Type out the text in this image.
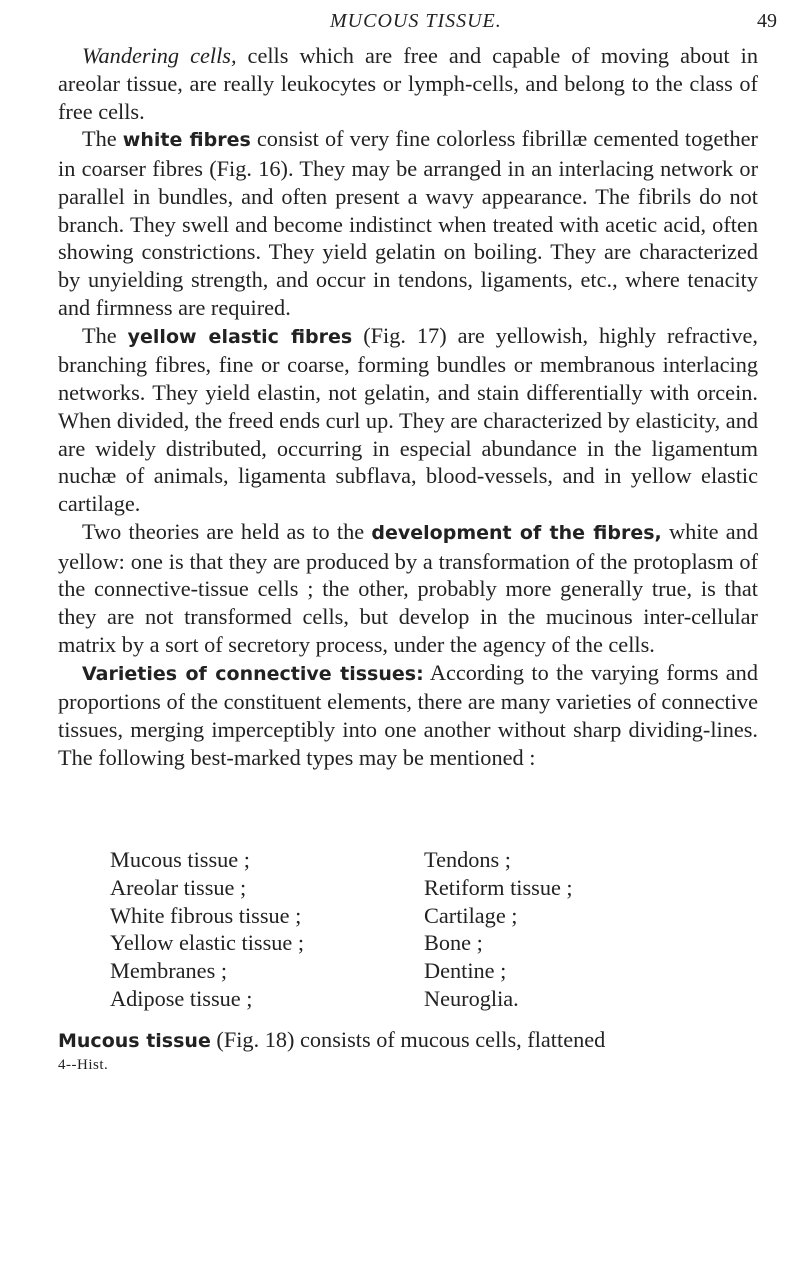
MUCOUS TISSUE.	49

Wandering cells, cells which are free and capable of moving about in areolar tissue, are really leukocytes or lymph-cells, and belong to the class of free cells.

The white fibres consist of very fine colorless fibrillæ cemented together in coarser fibres (Fig. 16). They may be arranged in an interlacing network or parallel in bundles, and often present a wavy appearance. The fibrils do not branch. They swell and become indistinct when treated with acetic acid, often showing constrictions. They yield gelatin on boiling. They are characterized by unyielding strength, and occur in tendons, ligaments, etc., where tenacity and firmness are required.

The yellow elastic fibres (Fig. 17) are yellowish, highly refractive, branching fibres, fine or coarse, forming bundles or membranous interlacing networks. They yield elastin, not gelatin, and stain differentially with orcein. When divided, the freed ends curl up. They are characterized by elasticity, and are widely distributed, occurring in especial abundance in the ligamentum nuchæ of animals, ligamenta subflava, blood-vessels, and in yellow elastic cartilage.

Two theories are held as to the development of the fibres, white and yellow: one is that they are produced by a transformation of the protoplasm of the connective-tissue cells ; the other, probably more generally true, is that they are not transformed cells, but develop in the mucinous inter-cellular matrix by a sort of secretory process, under the agency of the cells.

Varieties of connective tissues: According to the varying forms and proportions of the constituent elements, there are many varieties of connective tissues, merging imperceptibly into one another without sharp dividing-lines. The following best-marked types may be mentioned :

Mucous tissue ;
Areolar tissue ;
White fibrous tissue ;
Yellow elastic tissue ;
Membranes ;
Adipose tissue ;
Tendons ;
Retiform tissue ;
Cartilage ;
Bone ;
Dentine ;
Neuroglia.
Mucous tissue (Fig. 18) consists of mucous cells, flattened
4--Hist.
